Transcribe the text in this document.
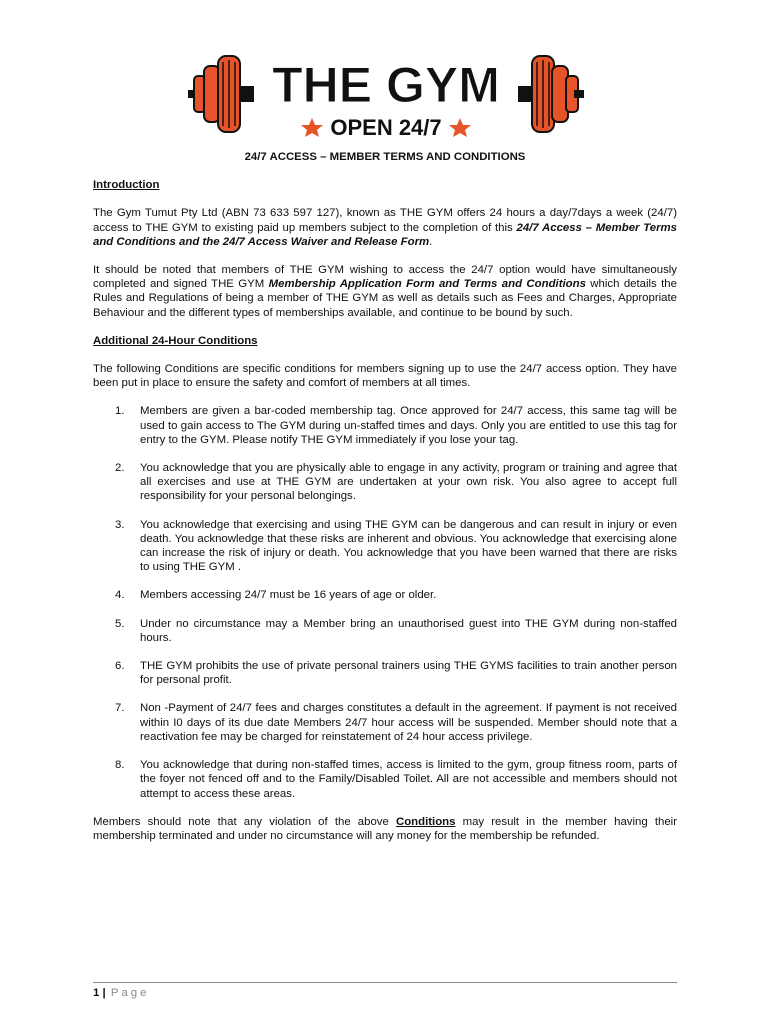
THE GYM
OPEN 24/7
24/7 ACCESS – MEMBER TERMS AND CONDITIONS
Introduction

The Gym Tumut Pty Ltd (ABN 73 633 597 127), known as THE GYM offers 24 hours a day/7days a week (24/7) access to THE GYM to existing paid up members subject to the completion of this 24/7 Access – Member Terms and Conditions and the 24/7 Access Waiver and Release Form.

It should be noted that members of THE GYM wishing to access the 24/7 option would have simultaneously completed and signed THE GYM Membership Application Form and Terms and Conditions which details the Rules and Regulations of being a member of THE GYM as well as details such as Fees and Charges, Appropriate Behaviour and the different types of memberships available, and continue to be bound by such.

Additional 24-Hour Conditions

The following Conditions are specific conditions for members signing up to use the 24/7 access option. They have been put in place to ensure the safety and comfort of members at all times.

1. Members are given a bar-coded membership tag. Once approved for 24/7 access, this same tag will be used to gain access to The GYM during un-staffed times and days. Only you are entitled to use this tag for entry to the GYM. Please notify THE GYM immediately if you lose your tag.
2. You acknowledge that you are physically able to engage in any activity, program or training and agree that all exercises and use at THE GYM are undertaken at your own risk. You also agree to accept full responsibility for your personal belongings.
3. You acknowledge that exercising and using THE GYM can be dangerous and can result in injury or even death. You acknowledge that these risks are inherent and obvious. You acknowledge that exercising alone can increase the risk of injury or death. You acknowledge that you have been warned that there are risks to using THE GYM .
4. Members accessing 24/7 must be 16 years of age or older.
5. Under no circumstance may a Member bring an unauthorised guest into THE GYM during non-staffed hours.
6. THE GYM prohibits the use of private personal trainers using THE GYMS facilities to train another person for personal profit.
7. Non -Payment of 24/7 fees and charges constitutes a default in the agreement. If payment is not received within I0 days of its due date Members 24/7 hour access will be suspended. Member should note that a reactivation fee may be charged for reinstatement of 24 hour access privilege.
8. You acknowledge that during non-staffed times, access is limited to the gym, group fitness room, parts of the foyer not fenced off and to the Family/Disabled Toilet. All are not accessible and members should not attempt to access these areas.

Members should note that any violation of the above Conditions may result in the member having their membership terminated and under no circumstance will any money for the membership be refunded.

1 | Page
